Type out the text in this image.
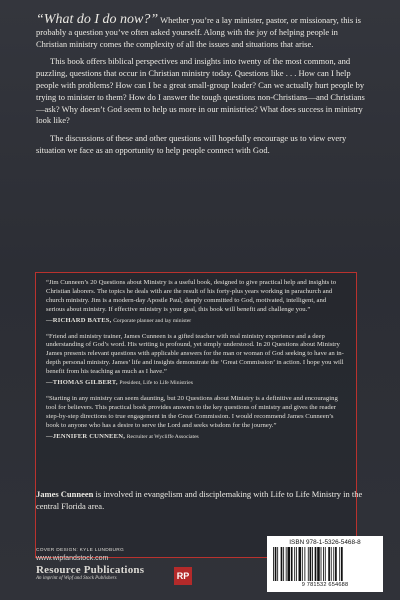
“What do I do now?” Whether you’re a lay minister, pastor, or missionary, this is probably a question you’ve often asked yourself. Along with the joy of helping people in Christian ministry comes the complexity of all the issues and situations that arise.

This book offers biblical perspectives and insights into twenty of the most common, and puzzling, questions that occur in Christian ministry today. Questions like . . . How can I help people with problems? How can I be a great small-group leader? Can we actually hurt people by trying to minister to them? How do I answer the tough questions non-Christians—and Christians—ask? Why doesn’t God seem to help us more in our ministries? What does success in ministry look like?

The discussions of these and other questions will hopefully encourage us to view every situation we face as an opportunity to help people connect with God.

“Jim Cunneen’s 20 Questions about Ministry is a useful book, designed to give practical help and insights to Christian laborers. The topics he deals with are the result of his forty-plus years working in parachurch and church ministry. Jim is a modern-day Apostle Paul, deeply committed to God, motivated, intelligent, and serious about ministry. If effective ministry is your goal, this book will benefit and challenge you.”

—RICHARD BATES, Corporate planner and lay minister

“Friend and ministry trainer, James Cunneen is a gifted teacher with real ministry experience and a deep understanding of God’s word. His writing is profound, yet simply understood. In 20 Questions about Ministry James presents relevant questions with applicable answers for the man or woman of God seeking to have an in-depth personal ministry. James’ life and insights demonstrate the ‘Great Commission’ in action. I hope you will benefit from his teaching as much as I have.”

—THOMAS GILBERT, President, Life to Life Ministries

“Starting in any ministry can seem daunting, but 20 Questions about Ministry is a definitive and encouraging tool for believers. This practical book provides answers to the key questions of ministry and gives the reader step-by-step directions to true engagement in the Great Commission. I would recommend James Cunneen’s book to anyone who has a desire to serve the Lord and seeks wisdom for the journey.”

—JENNIFER CUNNEEN, Recruiter at Wycliffe Associates

James Cunneen is involved in evangelism and disciplemaking with Life to Life Ministry in the central Florida area.
COVER DESIGN: KYLE LUNDBURG
www.wipfandstock.com
Resource Publications
An imprint of Wipf and Stock Publishers	RP
ISBN 978-1-5326-5468-8
9 781532 654688
